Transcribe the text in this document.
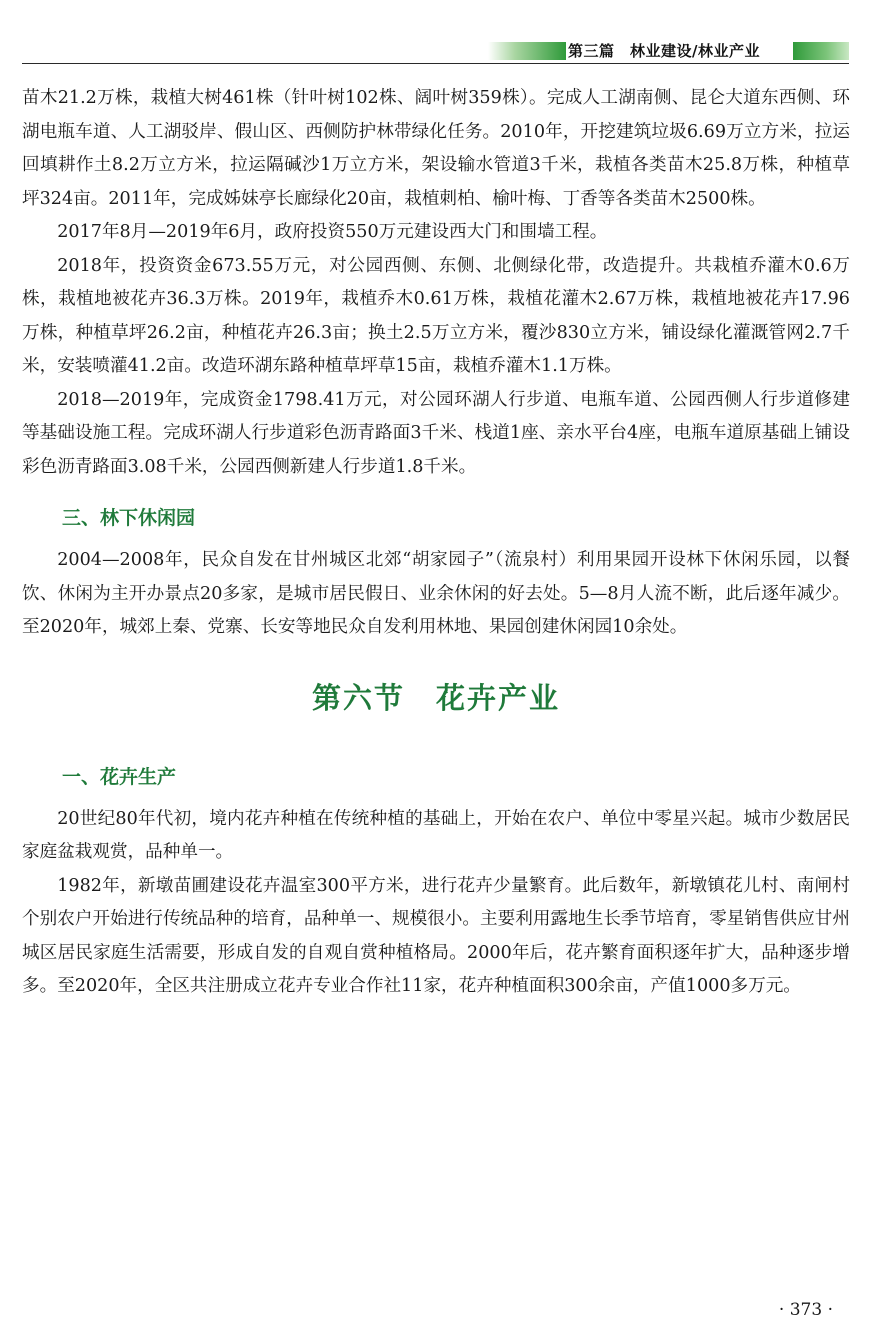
第三篇　林业建设/林业产业

苗木21.2万株，栽植大树461株（针叶树102株、阔叶树359株）。完成人工湖南侧、昆仑大道东西侧、环湖电瓶车道、人工湖驳岸、假山区、西侧防护林带绿化任务。2010年，开挖建筑垃圾6.69万立方米，拉运回填耕作土8.2万立方米，拉运隔碱沙1万立方米，架设输水管道3千米，栽植各类苗木25.8万株，种植草坪324亩。2011年，完成姊妹亭长廊绿化20亩，栽植刺柏、榆叶梅、丁香等各类苗木2500株。

2017年8月—2019年6月，政府投资550万元建设西大门和围墙工程。

2018年，投资资金673.55万元，对公园西侧、东侧、北侧绿化带，改造提升。共栽植乔灌木0.6万株，栽植地被花卉36.3万株。2019年，栽植乔木0.61万株，栽植花灌木2.67万株，栽植地被花卉17.96万株，种植草坪26.2亩，种植花卉26.3亩；换土2.5万立方米，覆沙830立方米，铺设绿化灌溉管网2.7千米，安装喷灌41.2亩。改造环湖东路种植草坪草15亩，栽植乔灌木1.1万株。

2018—2019年，完成资金1798.41万元，对公园环湖人行步道、电瓶车道、公园西侧人行步道修建等基础设施工程。完成环湖人行步道彩色沥青路面3千米、栈道1座、亲水平台4座，电瓶车道原基础上铺设彩色沥青路面3.08千米，公园西侧新建人行步道1.8千米。

三、林下休闲园

2004—2008年，民众自发在甘州城区北郊“胡家园子”（流泉村）利用果园开设林下休闲乐园，以餐饮、休闲为主开办景点20多家，是城市居民假日、业余休闲的好去处。5—8月人流不断，此后逐年减少。至2020年，城郊上秦、党寨、长安等地民众自发利用林地、果园创建休闲园10余处。

第六节　花卉产业
一、花卉生产

20世纪80年代初，境内花卉种植在传统种植的基础上，开始在农户、单位中零星兴起。城市少数居民家庭盆栽观赏，品种单一。

1982年，新墩苗圃建设花卉温室300平方米，进行花卉少量繁育。此后数年，新墩镇花儿村、南闸村个别农户开始进行传统品种的培育，品种单一、规模很小。主要利用露地生长季节培育，零星销售供应甘州城区居民家庭生活需要，形成自发的自观自赏种植格局。2000年后，花卉繁育面积逐年扩大，品种逐步增多。至2020年，全区共注册成立花卉专业合作社11家，花卉种植面积300余亩，产值1000多万元。

· 373 ·
